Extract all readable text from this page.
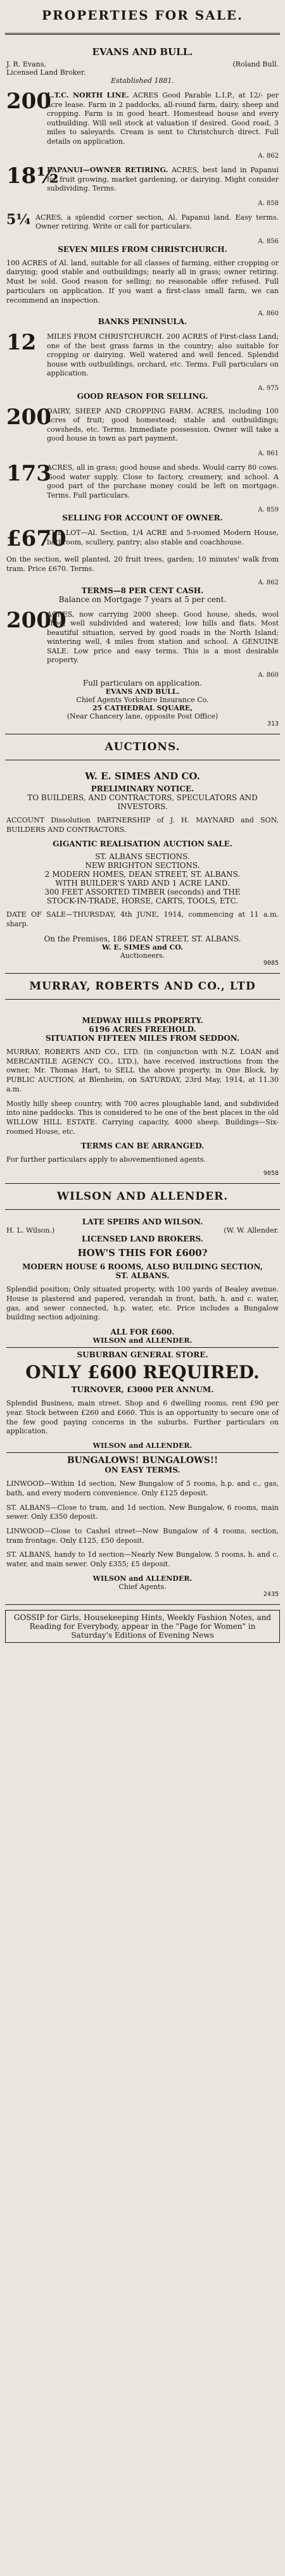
PROPERTIES FOR SALE.
EVANS AND BULL.
J. R. Evans,
Licensed Land Broker.
(Roland Bull.
Established 1881.
200
L.T.C. NORTH LINE. ACRES Good Parable L.I.P., at 12/- per acre lease. Farm in 2 paddocks, all-round farm, dairy, sheep and cropping. Farm is in good heart. Homestead house and every outbuilding. Will sell stock at valuation if desired. Good road, 3 miles to saleyards. Cream is sent to Christchurch direct. Full details on application.
A. 862
18½
PAPANUI—OWNER RETIRING. ACRES, best land in Papanui for fruit growing, market gardening, or dairying. Might consider subdividing. Terms.
A. 858
5¼ ACRES, a splendid corner section, Al. Papanui land. Easy terms. Owner retiring. Write or call for particulars.
A. 856
SEVEN MILES FROM CHRISTCHURCH.
100 ACRES of Al. land, suitable for all classes of farming, either cropping or dairying; good stable and outbuildings; nearly all in grass; owner retiring. Must be sold. Good reason for selling; no reasonable offer refused. Full particulars on application. If you want a first-class small farm, we can recommend an inspection.
A. 860
BANKS PENINSULA.
12	MILES FROM CHRISTCHURCH. 200 ACRES of First-class Land; one of the best grass farms in the country; also suitable for cropping or dairying. Well watered and well fenced. Splendid house with outbuildings, orchard, etc. Terms. Full particulars on application.
A. 975
GOOD REASON FOR SELLING.
200
DAIRY, SHEEP AND CROPPING FARM. ACRES, including 100 acres of fruit; good homestead; stable and outbuildings; cowsheds, etc. Terms. Immediate possession. Owner will take a good house in town as part payment.
A. 861
173
ACRES, all in grass; good house and sheds. Would carry 80 cows. Good water supply. Close to factory, creamery, and school. A good part of the purchase money could be left on mortgage. Terms. Full particulars.
A. 859
SELLING FOR ACCOUNT OF OWNER.
£670
THE LOT—Al. Section, 1/4 ACRE and 5-roomed Modern House, bathroom, scullery, pantry; also stable and coachhouse.
On the section, well planted, 20 fruit trees, garden; 10 minutes' walk from tram. Price £670. Terms.
A. 862
TERMS—8 PER CENT CASH.
Balance on Mortgage 7 years at 5 per cent.
2000
ACRES, now carrying 2000 sheep. Good house, sheds, wool shed; well subdivided and watered; low hills and flats. Most beautiful situation, served by good roads in the North Island; wintering well, 4 miles from station and school. A GENUINE SALE. Low price and easy terms. This is a most desirable property.
A. 860
Full particulars on application.
EVANS AND BULL.
Chief Agents Yorkshire Insurance Co.
25 CATHEDRAL SQUARE,
(Near Chancery lane, opposite Post Office)
313
AUCTIONS.
W. E. SIMES AND CO.
PRELIMINARY NOTICE.
TO BUILDERS, AND CONTRACTORS, SPECULATORS AND INVESTORS.
ACCOUNT Dissolution PARTNERSHIP of J. H. MAYNARD and SON, BUILDERS AND CONTRACTORS.
GIGANTIC REALISATION AUCTION SALE.
ST. ALBANS SECTIONS.
NEW BRIGHTON SECTIONS.
2 MODERN HOMES, DEAN STREET, ST. ALBANS.
WITH BUILDER'S YARD AND 1 ACRE LAND.
300 FEET ASSORTED TIMBER (seconds) and THE
STOCK-IN-TRADE, HORSE, CARTS, TOOLS, ETC.
DATE OF SALE—THURSDAY, 4th JUNE, 1914, commencing at 11 a.m. sharp.
On the Premises, 186 DEAN STREET, ST. ALBANS.
W. E. SIMES and CO.
Auctioneers.
9085
MURRAY, ROBERTS AND CO., LTD
MEDWAY HILLS PROPERTY.
6196 ACRES FREEHOLD.
SITUATION FIFTEEN MILES FROM SEDDON.
MURRAY, ROBERTS AND CO., LTD. (in conjunction with N.Z. LOAN and MERCANTILE AGENCY CO., LTD.), have received instructions from the owner, Mr. Thomas Hart, to SELL the above property, in One Block, by PUBLIC AUCTION, at Blenheim, on SATURDAY, 23rd May, 1914, at 11.30 a.m.
Mostly hilly sheep country, with 700 acres ploughable land, and subdivided into nine paddocks. This is considered to be one of the best places in the old WILLOW HILL ESTATE. Carrying capacity, 4000 sheep. Buildings—Six-roomed House, etc.
TERMS CAN BE ARRANGED.
For further particulars apply to abovementioned agents.
9058
WILSON AND ALLENDER.
LATE SPEIRS AND WILSON.
H. L. Wilson.)	(W. W. Allender.
LICENSED LAND BROKERS.
HOW'S THIS FOR £600?
MODERN HOUSE 6 ROOMS, ALSO BUILDING SECTION,
ST. ALBANS.
Splendid position; Only situated property, with 100 yards of Bealey avenue. House is plastered and papered, verandah in front, bath, h. and c. water, gas, and sewer connected, h.p. water, etc. Price includes a Bungalow building section adjoining.
ALL FOR £600.
WILSON and ALLENDER.
SUBURBAN GENERAL STORE.
ONLY £600 REQUIRED.
TURNOVER, £3000 PER ANNUM.
Splendid Business, main street. Shop and 6 dwelling rooms, rent £90 per year. Stock between £260 and £660. This is an opportunity to secure one of the few good paying concerns in the suburbs. Further particulars on application.
WILSON and ALLENDER.
BUNGALOWS! BUNGALOWS!!
ON EASY TERMS.
LINWOOD—Within 1d section, New Bungalow of 5 rooms, h.p. and c., gas, bath, and every modern convenience. Only £125 deposit.
ST. ALBANS—Close to tram, and 1d section. New Bungalow, 6 rooms, main sewer. Only £350 deposit.
LINWOOD—Close to Cashel street—New Bungalow of 4 rooms, section, tram frontage. Only £125, £50 deposit.
ST. ALBANS, handy to 1d section—Nearly New Bungalow, 5 rooms, h. and c. water, and main sewer. Only £355; £5 deposit.
WILSON and ALLENDER.
Chief Agents.
2435
GOSSIP for Girls, Housekeeping Hints, Weekly Fashion Notes, and Reading for Everybody, appear in the "Page for Women" in Saturday's Editions of Evening News
